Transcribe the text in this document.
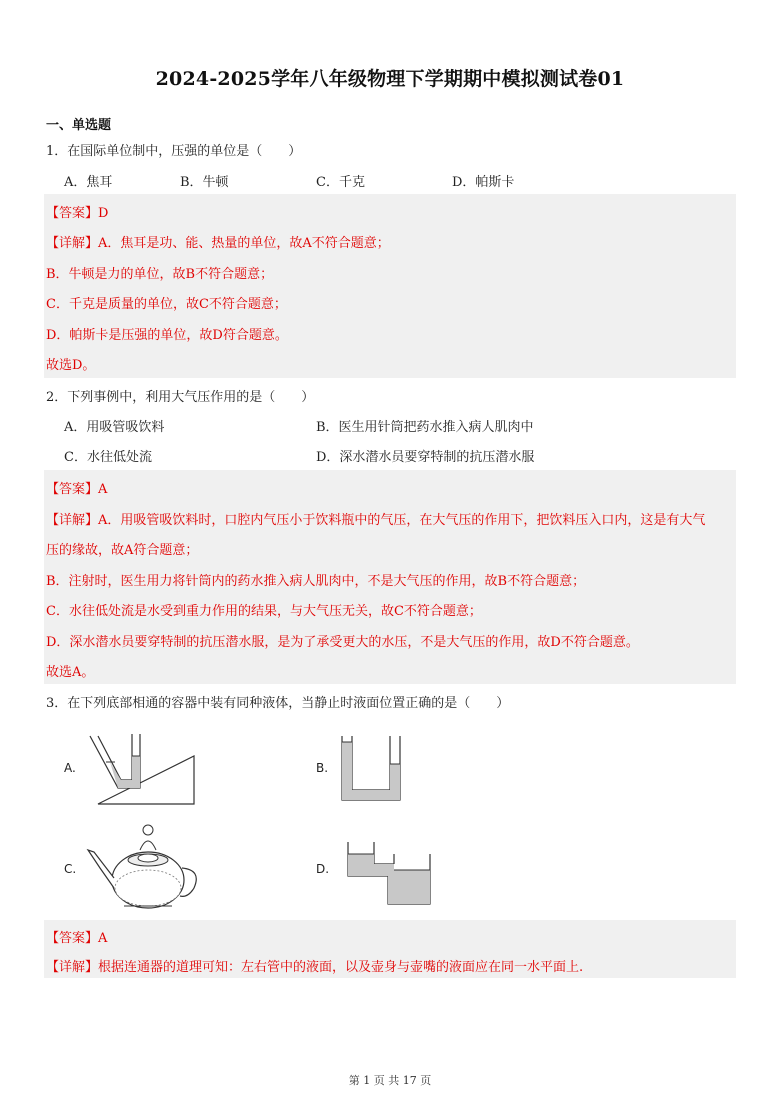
2024-2025学年八年级物理下学期期中模拟测试卷01
一、单选题
1．在国际单位制中，压强的单位是（　　）
A．焦耳	B．牛顿	C．千克	D．帕斯卡
【答案】D
【详解】A．焦耳是功、能、热量的单位，故A不符合题意；
B．牛顿是力的单位，故B不符合题意；
C．千克是质量的单位，故C不符合题意；
D．帕斯卡是压强的单位，故D符合题意。
故选D。
2．下列事例中，利用大气压作用的是（　　）
A．用吸管吸饮料	B．医生用针筒把药水推入病人肌肉中
C．水往低处流	D．深水潜水员要穿特制的抗压潜水服
【答案】A
【详解】A．用吸管吸饮料时，口腔内气压小于饮料瓶中的气压，在大气压的作用下，把饮料压入口内，这是有大气
压的缘故，故A符合题意；
B．注射时，医生用力将针筒内的药水推入病人肌肉中，不是大气压的作用，故B不符合题意；
C．水往低处流是水受到重力作用的结果，与大气压无关，故C不符合题意；
D．深水潜水员要穿特制的抗压潜水服，是为了承受更大的水压，不是大气压的作用，故D不符合题意。
故选A。
3．在下列底部相通的容器中装有同种液体，当静止时液面位置正确的是（　　）
A.	B.
C.	D.
【答案】A
【详解】根据连通器的道理可知：左右管中的液面，以及壶身与壶嘴的液面应在同一水平面上.
第 1 页 共 17 页
